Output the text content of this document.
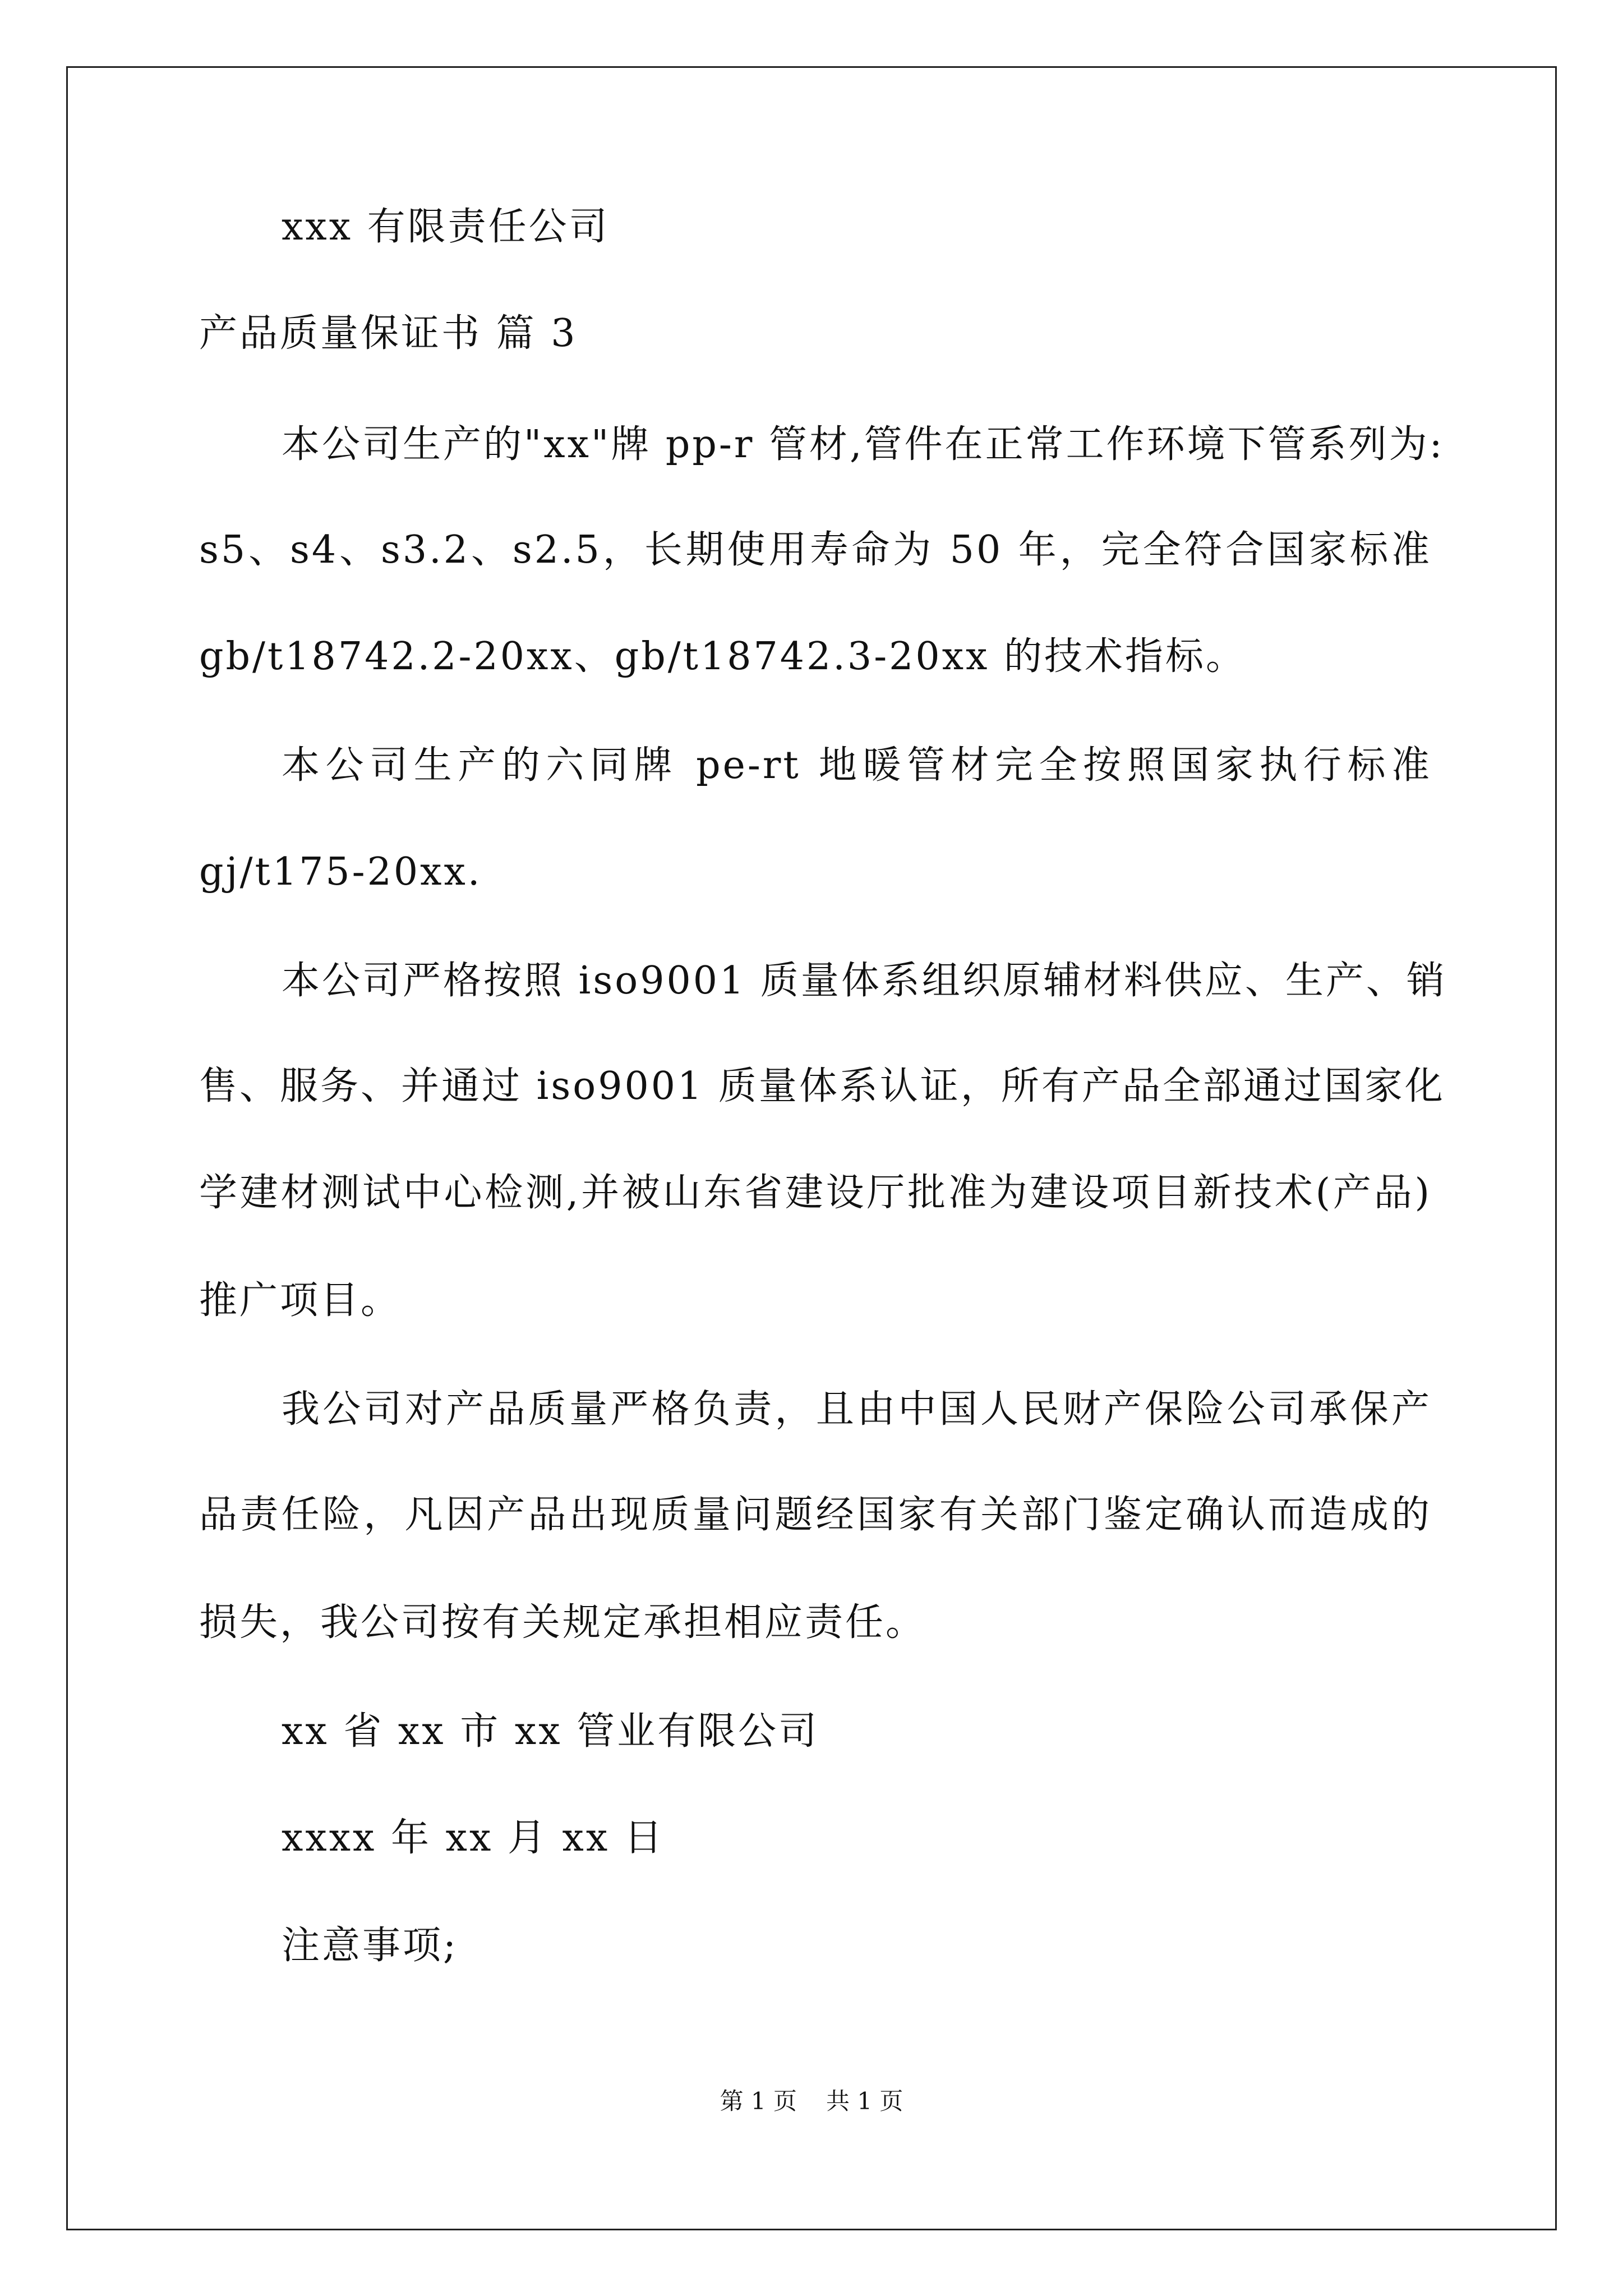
xxx 有限责任公司
产品质量保证书 篇 3
本公司生产的"xx"牌 pp-r 管材,管件在正常工作环境下管系列为:
s5、s4、s3.2、s2.5，长期使用寿命为 50 年，完全符合国家标准
gb/t18742.2-20xx、gb/t18742.3-20xx 的技术指标。
本公司生产的六同牌 pe-rt 地暖管材完全按照国家执行标准
gj/t175-20xx.
本公司严格按照 iso9001 质量体系组织原辅材料供应、生产、销
售、服务、并通过 iso9001 质量体系认证，所有产品全部通过国家化
学建材测试中心检测,并被山东省建设厅批准为建设项目新技术(产品)
推广项目。
我公司对产品质量严格负责，且由中国人民财产保险公司承保产
品责任险，凡因产品出现质量问题经国家有关部门鉴定确认而造成的
损失，我公司按有关规定承担相应责任。
xx 省 xx 市 xx 管业有限公司
xxxx 年 xx 月 xx 日
注意事项;
第 1 页 共 1 页
